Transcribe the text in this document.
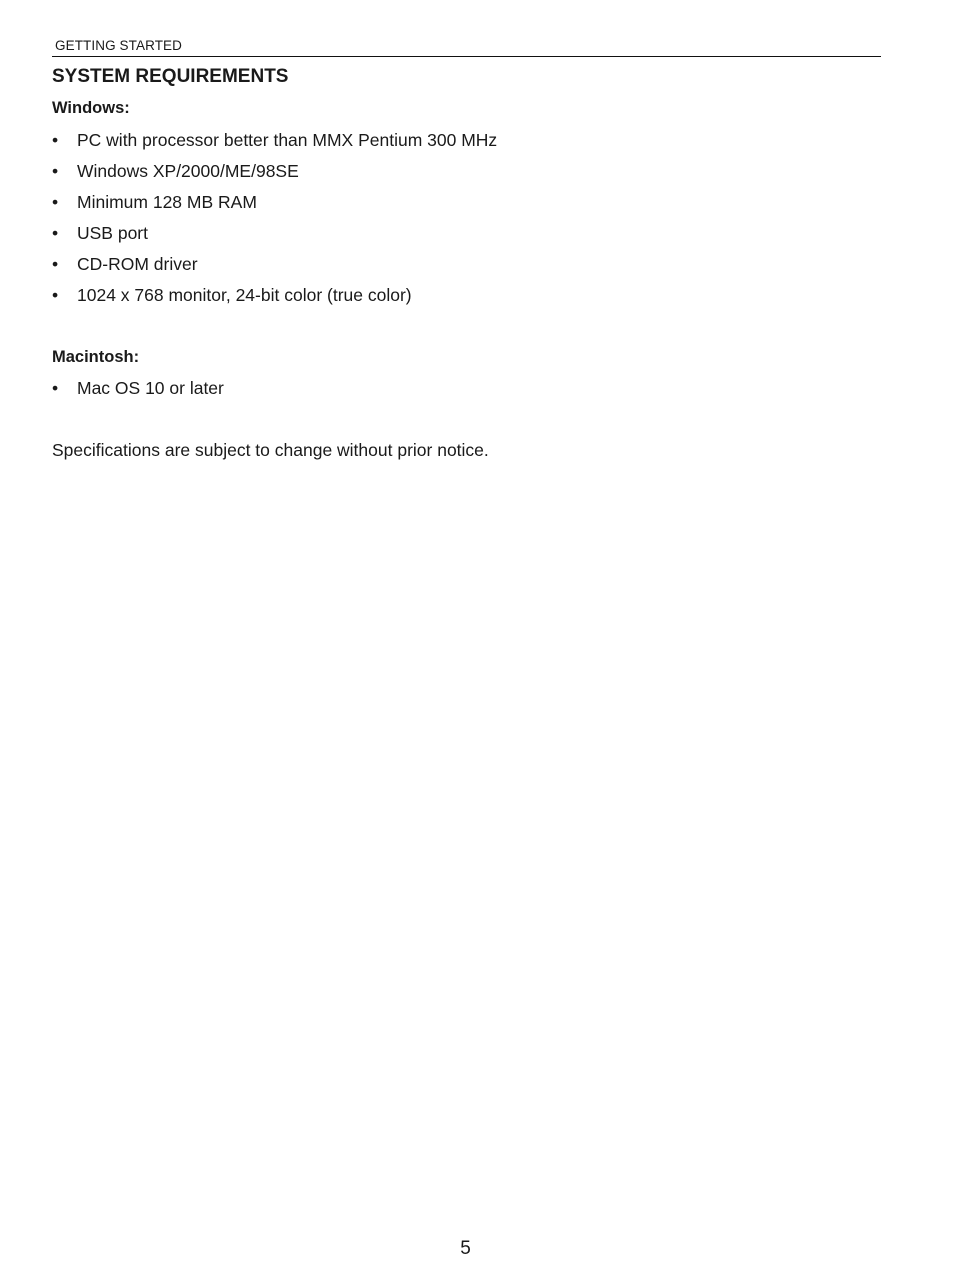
GETTING STARTED
SYSTEM REQUIREMENTS
Windows:
• PC with processor better than MMX Pentium 300 MHz
• Windows XP/2000/ME/98SE
• Minimum 128 MB RAM
• USB port
• CD-ROM driver
• 1024 x 768 monitor, 24-bit color (true color)
Macintosh:
• Mac OS 10 or later

Specifications are subject to change without prior notice.

5
